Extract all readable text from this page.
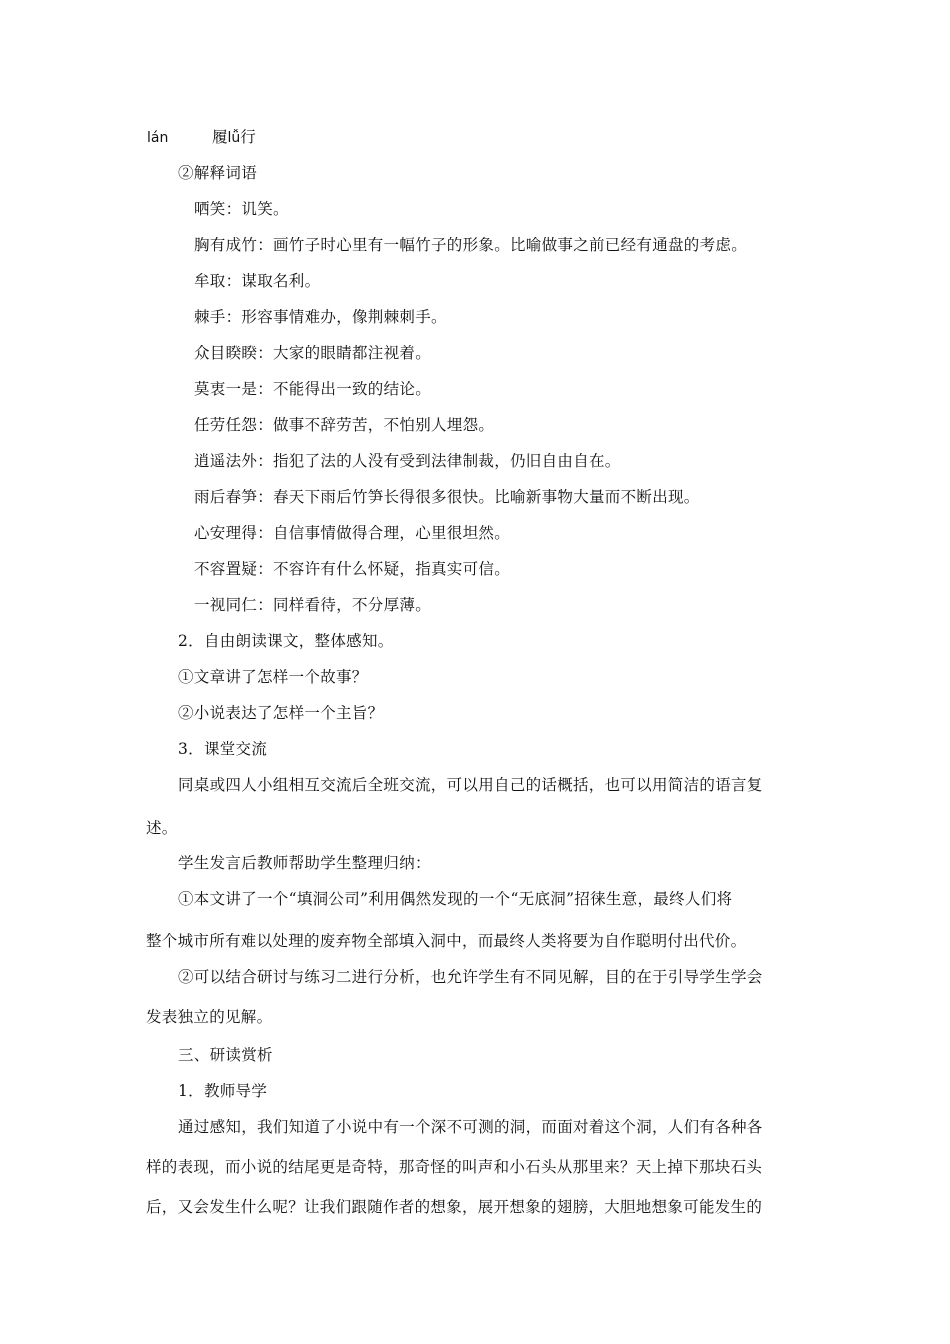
lán	履lǚ行
②解释词语
哂笑：讥笑。
胸有成竹：画竹子时心里有一幅竹子的形象。比喻做事之前已经有通盘的考虑。
牟取：谋取名利。
棘手：形容事情难办，像荆棘刺手。
众目睽睽：大家的眼睛都注视着。
莫衷一是：不能得出一致的结论。
任劳任怨：做事不辞劳苦，不怕别人埋怨。
逍遥法外：指犯了法的人没有受到法律制裁，仍旧自由自在。
雨后春笋：春天下雨后竹笋长得很多很快。比喻新事物大量而不断出现。
心安理得：自信事情做得合理，心里很坦然。
不容置疑：不容许有什么怀疑，指真实可信。
一视同仁：同样看待，不分厚薄。
2．自由朗读课文，整体感知。
①文章讲了怎样一个故事？
②小说表达了怎样一个主旨？
3．课堂交流
同桌或四人小组相互交流后全班交流，可以用自己的话概括，也可以用简洁的语言复
述。
学生发言后教师帮助学生整理归纳：
①本文讲了一个“填洞公司”利用偶然发现的一个“无底洞”招徕生意，最终人们将
整个城市所有难以处理的废弃物全部填入洞中，而最终人类将要为自作聪明付出代价。
②可以结合研讨与练习二进行分析，也允许学生有不同见解，目的在于引导学生学会
发表独立的见解。
三、研读赏析
1．教师导学
通过感知，我们知道了小说中有一个深不可测的洞，而面对着这个洞，人们有各种各
样的表现，而小说的结尾更是奇特，那奇怪的叫声和小石头从那里来？天上掉下那块石头
后，又会发生什么呢？让我们跟随作者的想象，展开想象的翅膀，大胆地想象可能发生的
